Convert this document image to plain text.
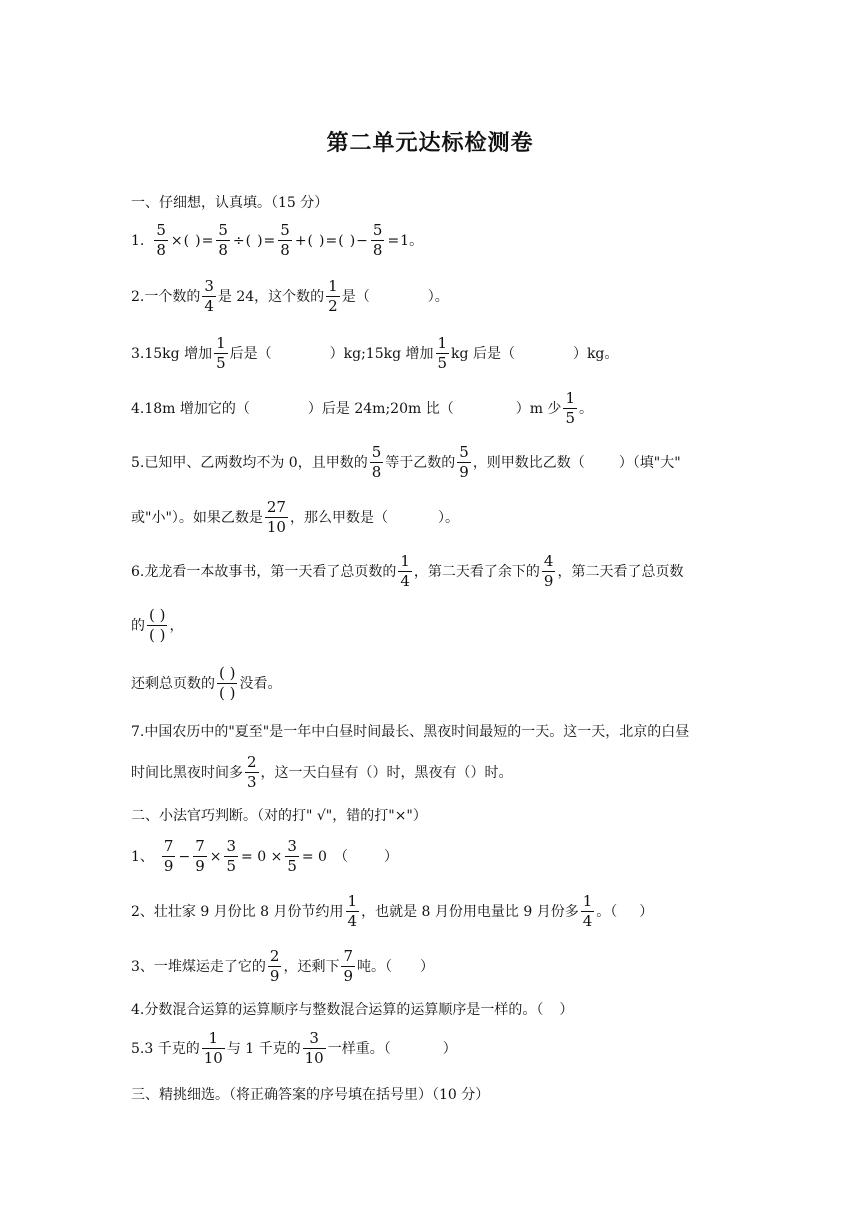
第二单元达标检测卷
一、仔细想，认真填。（15 分）
1. $\frac{5}{8}$ × ( ) = $\frac{5}{8}$ ÷ ( ) = $\frac{5}{8}$ + ( ) = ( ) − $\frac{5}{8} = 1$。
2.一个数的 $\frac{3}{4}$ 是 24，这个数的 $\frac{1}{2}$ 是（	）。
3.15kg 增加 $\frac{1}{5}$ 后是（	）kg;15kg 增加 $\frac{1}{5}$ kg 后是（	）kg。
4.18m 增加它的（	）后是 24m;20m 比（	）m 少 $\frac{1}{5}$ 。
5.已知甲、乙两数均不为 0，且甲数的 $\frac{5}{8}$ 等于乙数的 $\frac{5}{9}$ ，则甲数比乙数（ ）（填"大"
或"小"）。如果乙数是 $\frac{27}{10}$ ，那么甲数是（	）。
6.龙龙看一本故事书，第一天看了总页数的 $\frac{1}{4}$ ，第二天看了余下的 $\frac{4}{9}$ ，第二天看了总页数
的 $\frac{( )}{( )}$ ，
还剩总页数的 $\frac{( )}{( )}$ 没看。
7.中国农历中的"夏至"是一年中白昼时间最长、黑夜时间最短的一天。这一天，北京的白昼
时间比黑夜时间多 $\frac{2}{3}$ ，这一天白昼有（）时，黑夜有（）时。
二、小法官巧判断。（对的打" √"，错的打"×"）
1、 $\frac{7}{9} - \frac{7}{9} \times \frac{3}{5} = 0 \times \frac{3}{5} = 0$ （	）
2、壮壮家 9 月份比 8 月份节约用 $\frac{1}{4}$ ，也就是 8 月份用电量比 9 月份多 $\frac{1}{4}$ 。（ ）
3、一堆煤运走了它的 $\frac{2}{9}$ ，还剩下 $\frac{7}{9}$ 吨。（ ）
4.分数混合运算的运算顺序与整数混合运算的运算顺序是一样的。（ ）
5.3 千克的 $\frac{1}{10}$ 与 1 千克的 $\frac{3}{10}$ 一样重。（	）
三、精挑细选。（将正确答案的序号填在括号里）（10 分）
